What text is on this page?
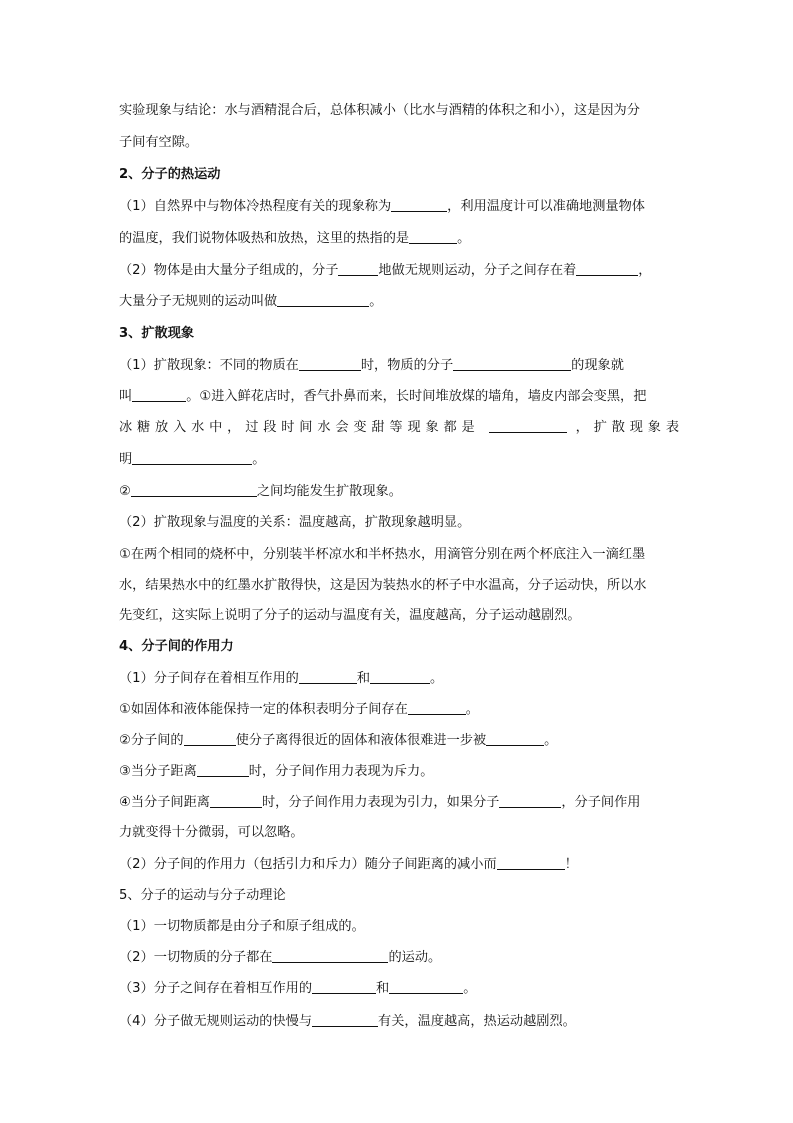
实验现象与结论：水与酒精混合后，总体积减小（比水与酒精的体积之和小），这是因为分
子间有空隙。
2、分子的热运动
（1）自然界中与物体冷热程度有关的现象称为	，利用温度计可以准确地测量物体
的温度，我们说物体吸热和放热，这里的热指的是	。
（2）物体是由大量分子组成的，分子	地做无规则运动，分子之间存在着	，
大量分子无规则的运动叫做	。
3、扩散现象
（1）扩散现象：不同的物质在	时，物质的分子	的现象就
叫	。①进入鲜花店时，香气扑鼻而来，长时间堆放煤的墙角，墙皮内部会变黑，把
冰糖放入水中，过段时间水会变甜等现象都是	，扩散现象表
明	。
②	之间均能发生扩散现象。
（2）扩散现象与温度的关系：温度越高，扩散现象越明显。
①在两个相同的烧杯中，分别装半杯凉水和半杯热水，用滴管分别在两个杯底注入一滴红墨
水，结果热水中的红墨水扩散得快，这是因为装热水的杯子中水温高，分子运动快，所以水
先变红，这实际上说明了分子的运动与温度有关，温度越高，分子运动越剧烈。
4、分子间的作用力
（1）分子间存在着相互作用的	和	。
①如固体和液体能保持一定的体积表明分子间存在	。
②分子间的	使分子离得很近的固体和液体很难进一步被	。
③当分子距离	时，分子间作用力表现为斥力。
④当分子间距离	时，分子间作用力表现为引力，如果分子	，分子间作用
力就变得十分微弱，可以忽略。
（2）分子间的作用力（包括引力和斥力）随分子间距离的减小而	！
5、分子的运动与分子动理论
（1）一切物质都是由分子和原子组成的。
（2）一切物质的分子都在	的运动。
（3）分子之间存在着相互作用的	和	。
（4）分子做无规则运动的快慢与	有关，温度越高，热运动越剧烈。
